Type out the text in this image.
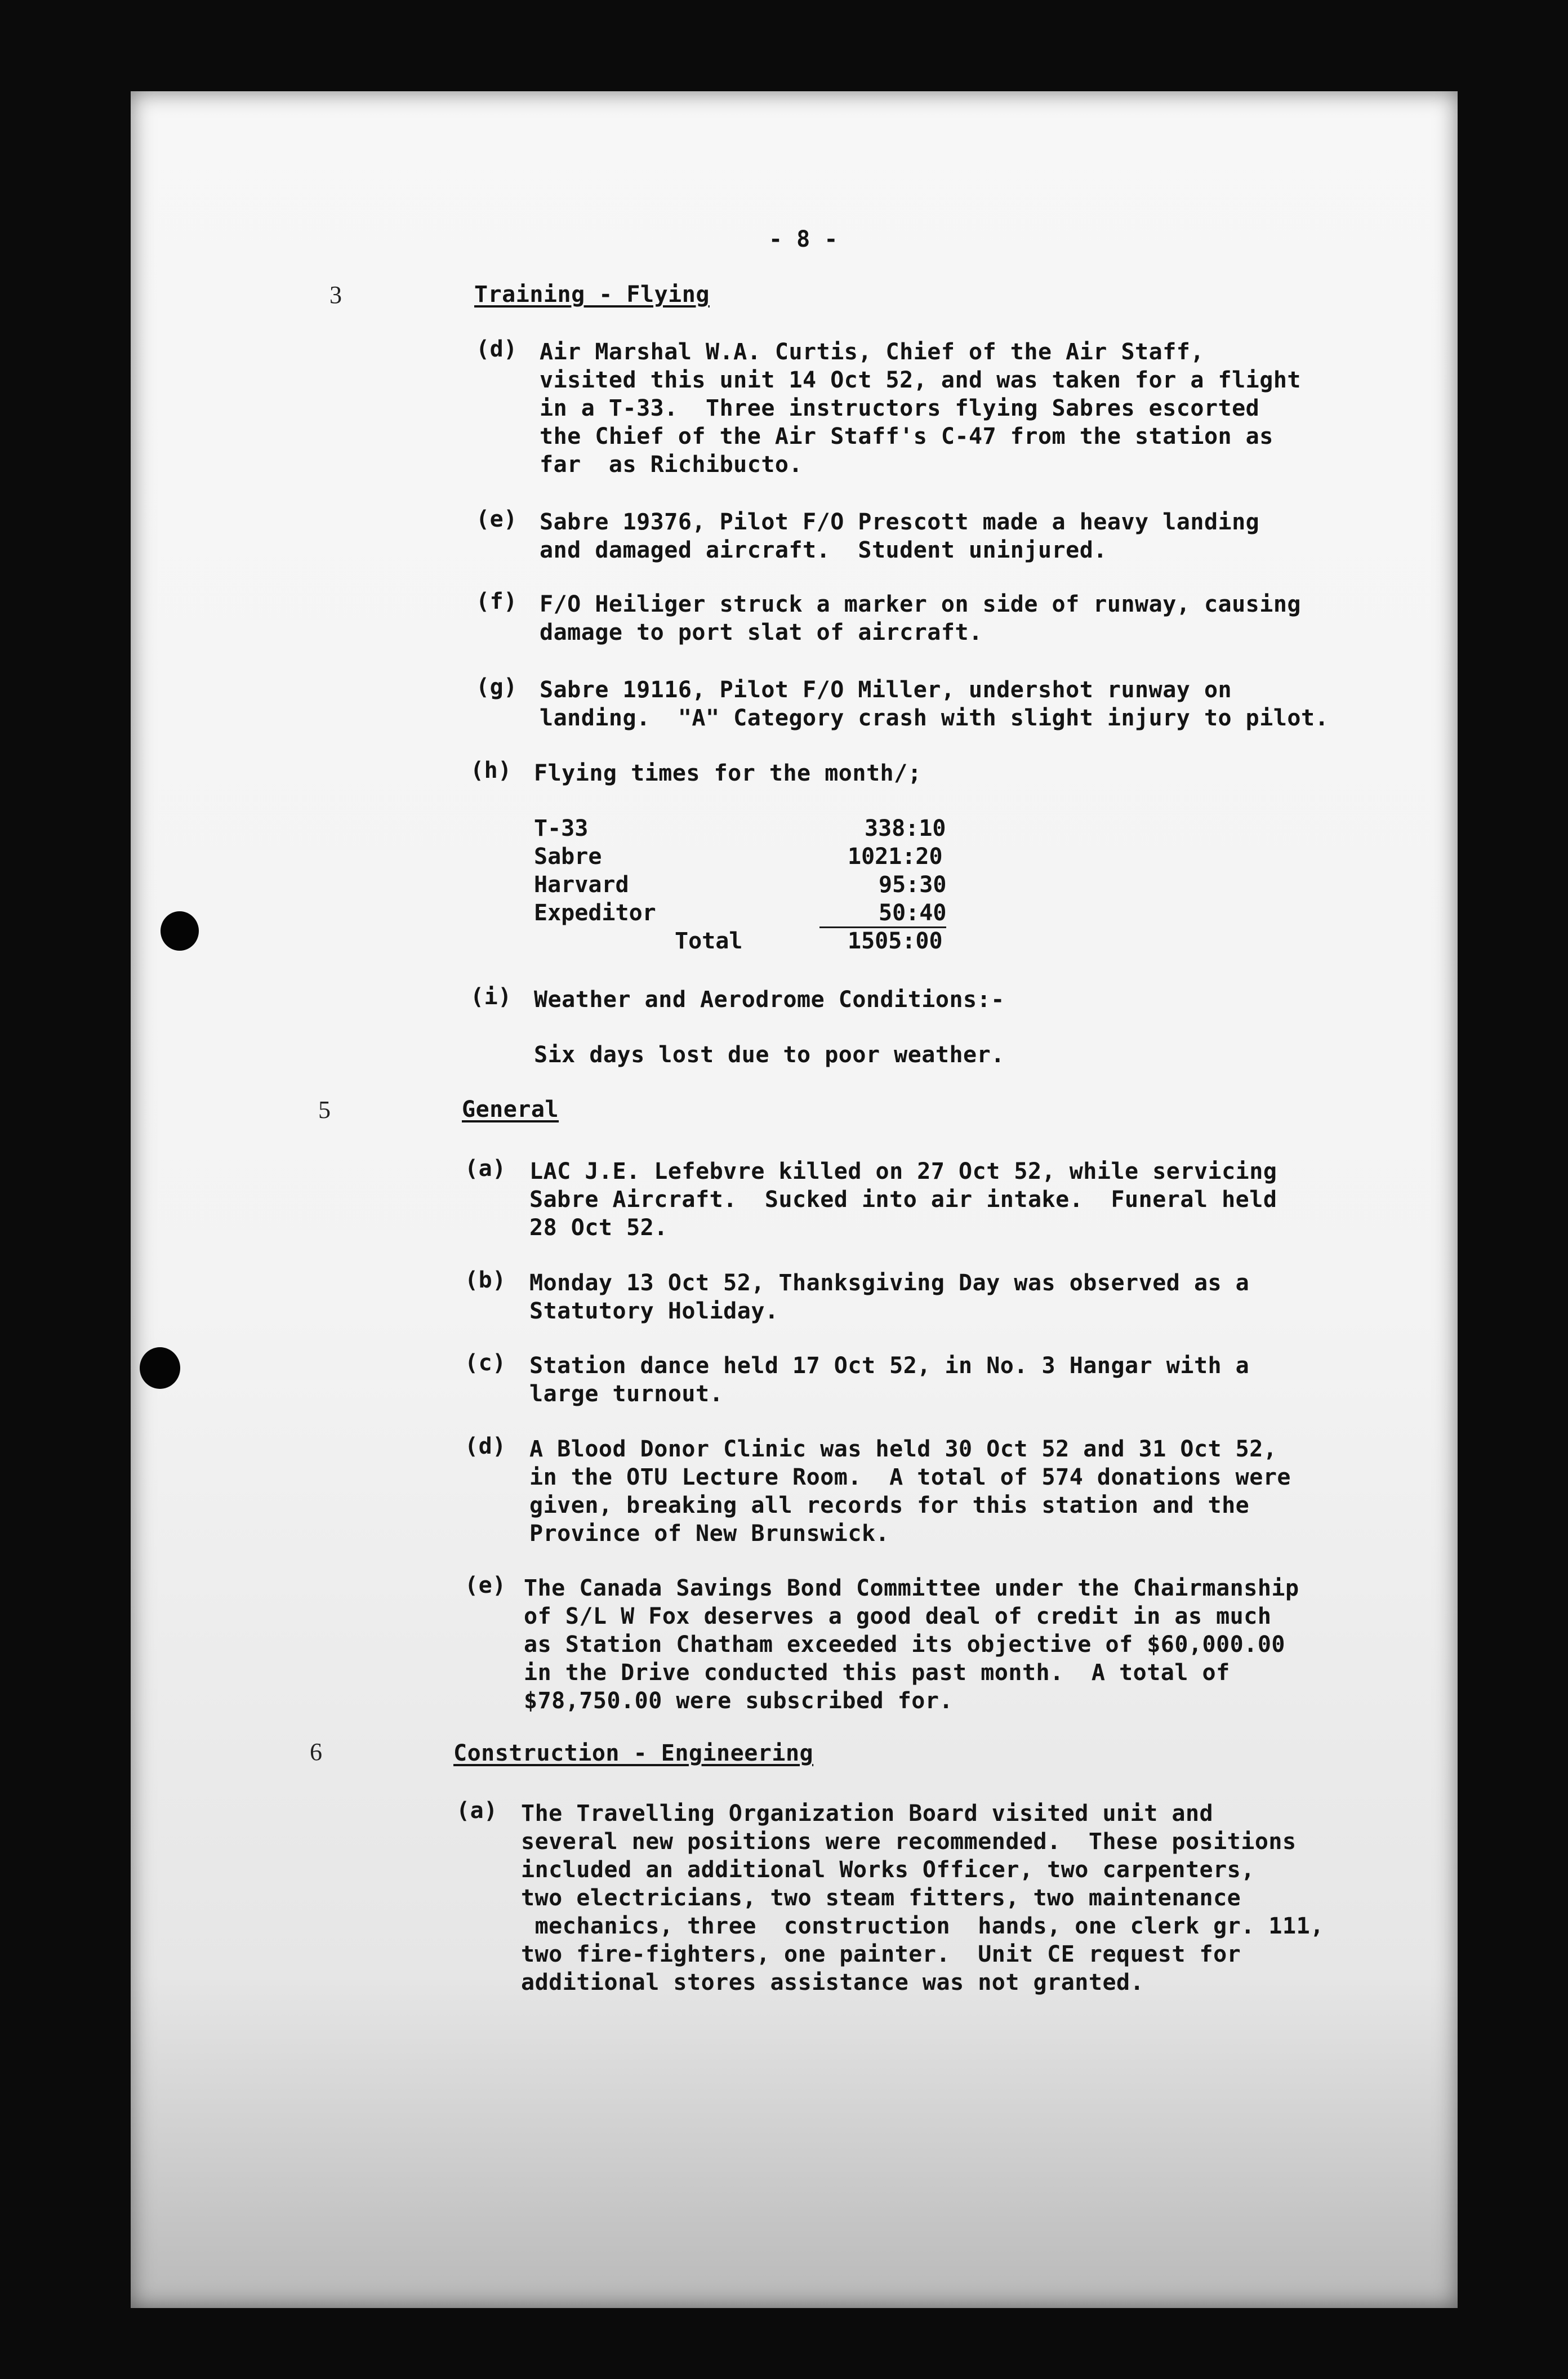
- 8 -
3	Training - Flying
(d) Air Marshal W.A. Curtis, Chief of the Air Staff,
visited this unit 14 Oct 52, and was taken for a flight
in a T-33.  Three instructors flying Sabres escorted
the Chief of the Air Staff's C-47 from the station as
far  as Richibucto.
(e) Sabre 19376, Pilot F/O Prescott made a heavy landing
and damaged aircraft.  Student uninjured.
(f) F/O Heiliger struck a marker on side of runway, causing
damage to port slat of aircraft.
(g) Sabre 19116, Pilot F/O Miller, undershot runway on
landing.  "A" Category crash with slight injury to pilot.
(h) Flying times for the month/;
T-33	338:10
Sabre	1021:20
Harvard	95:30
Expeditor	50:40
Total	1505:00
(i) Weather and Aerodrome Conditions:-
Six days lost due to poor weather.
5	General
(a) LAC J.E. Lefebvre killed on 27 Oct 52, while servicing
Sabre Aircraft.  Sucked into air intake.  Funeral held
28 Oct 52.
(b) Monday 13 Oct 52, Thanksgiving Day was observed as a
Statutory Holiday.
(c) Station dance held 17 Oct 52, in No. 3 Hangar with a
large turnout.
(d) A Blood Donor Clinic was held 30 Oct 52 and 31 Oct 52,
in the OTU Lecture Room.  A total of 574 donations were
given, breaking all records for this station and the
Province of New Brunswick.
(e) The Canada Savings Bond Committee under the Chairmanship
of S/L W Fox deserves a good deal of credit in as much
as Station Chatham exceeded its objective of $60,000.00
in the Drive conducted this past month.  A total of
$78,750.00 were subscribed for.
6	Construction - Engineering
(a) The Travelling Organization Board visited unit and
several new positions were recommended.  These positions
included an additional Works Officer, two carpenters,
two electricians, two steam fitters, two maintenance
mechanics, three  construction  hands, one clerk gr. 111,
two fire-fighters, one painter.  Unit CE request for
additional stores assistance was not granted.
